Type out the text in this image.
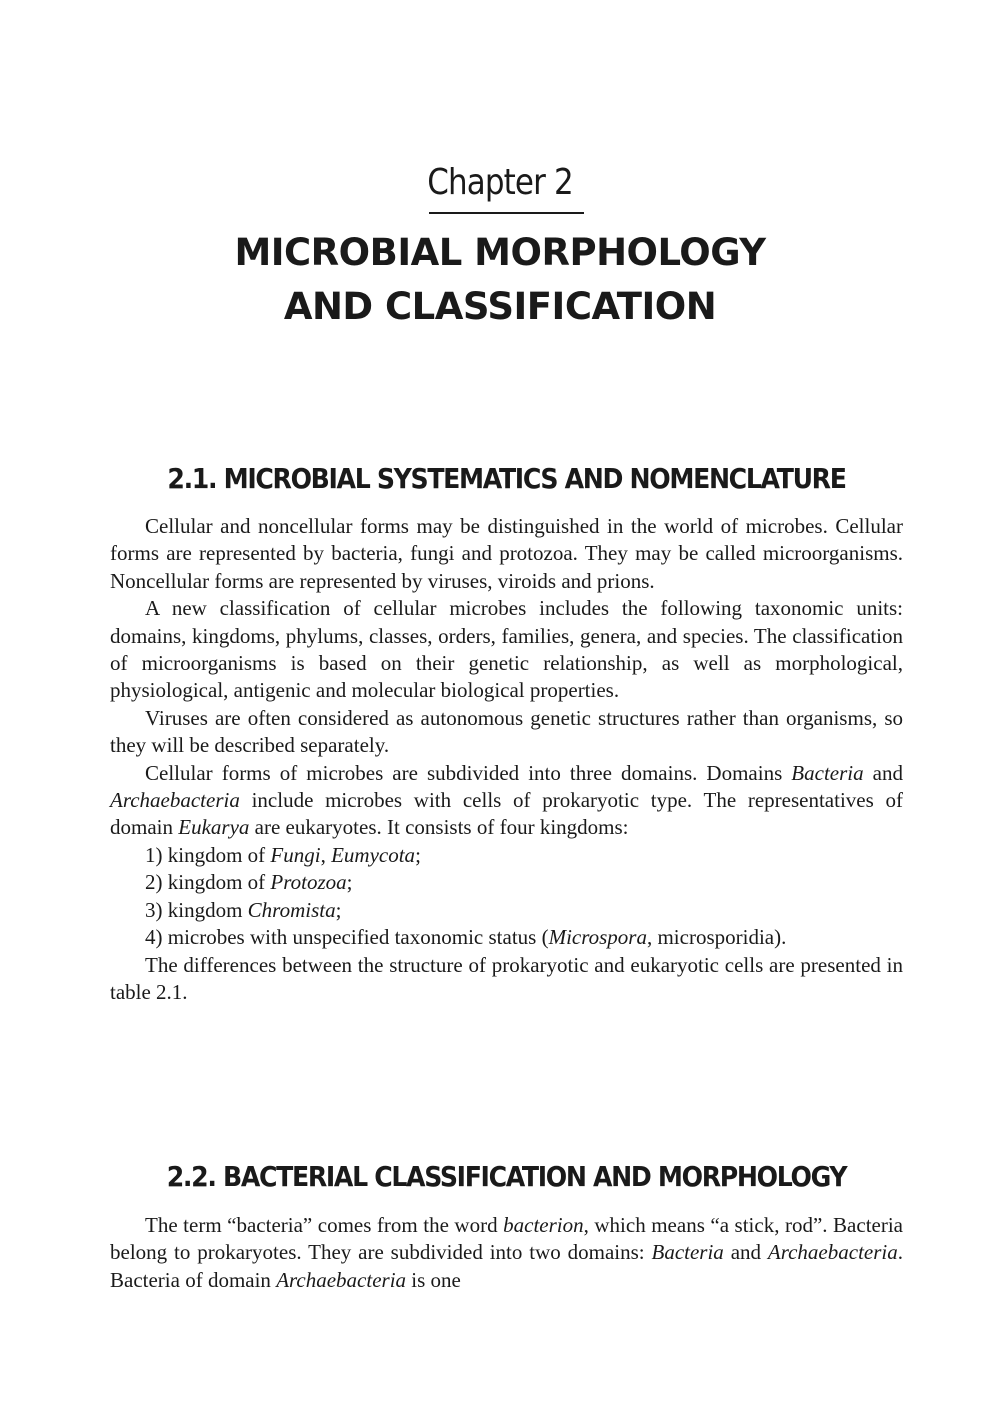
Chapter 2
MICROBIAL MORPHOLOGY
AND CLASSIFICATION
2.1. MICROBIAL SYSTEMATICS AND NOMENCLATURE

Cellular and noncellular forms may be distinguished in the world of microbes. Cellular forms are represented by bacteria, fungi and protozoa. They may be called microorganisms. Noncellular forms are represented by viruses, viroids and prions.

A new classification of cellular microbes includes the following taxonomic units: domains, kingdoms, phylums, classes, orders, families, genera, and species. The classification of microorganisms is based on their genetic relationship, as well as morphological, physiological, antigenic and molecular biological properties.

Viruses are often considered as autonomous genetic structures rather than organisms, so they will be described separately.

Cellular forms of microbes are subdivided into three domains. Domains Bacteria and Archaebacteria include microbes with cells of prokaryotic type. The representatives of domain Eukarya are eukaryotes. It consists of four kingdoms:

1) kingdom of Fungi, Eumycota;

2) kingdom of Protozoa;

3) kingdom Chromista;

4) microbes with unspecified taxonomic status (Microspora, microsporidia).

The differences between the structure of prokaryotic and eukaryotic cells are presented in table 2.1.

2.2. BACTERIAL CLASSIFICATION AND MORPHOLOGY

The term “bacteria” comes from the word bacterion, which means “a stick, rod”. Bacteria belong to prokaryotes. They are subdivided into two domains: Bacteria and Archaebacteria. Bacteria of domain Archaebacteria is one
